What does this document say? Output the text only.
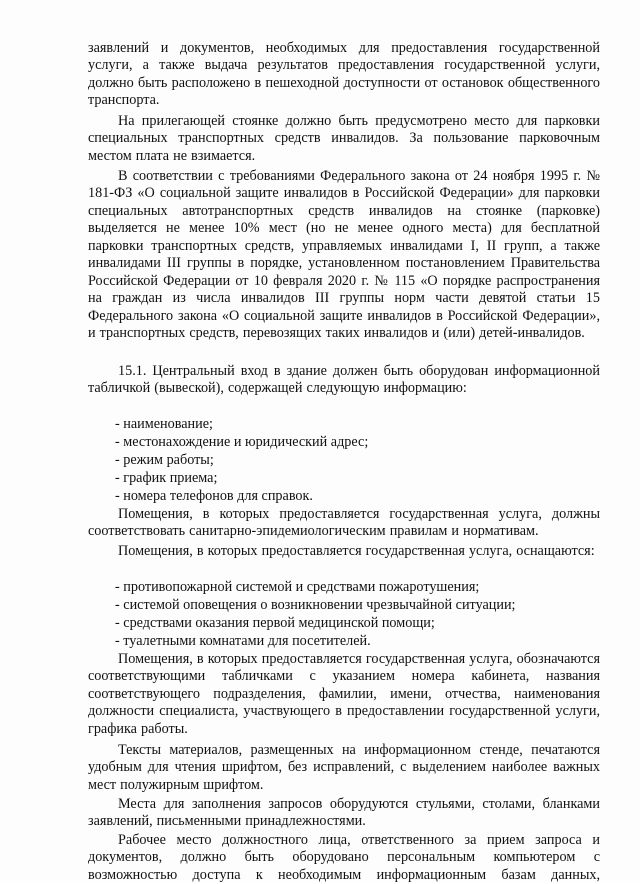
заявлений и документов, необходимых для предоставления государственной услуги, а также выдача результатов предоставления государственной услуги, должно быть расположено в пешеходной доступности от остановок общественного транспорта.

На прилегающей стоянке должно быть предусмотрено место для парковки специальных транспортных средств инвалидов. За пользование парковочным местом плата не взимается.

В соответствии с требованиями Федерального закона от 24 ноября 1995 г. № 181-ФЗ «О социальной защите инвалидов в Российской Федерации» для парковки специальных автотранспортных средств инвалидов на стоянке (парковке) выделяется не менее 10% мест (но не менее одного места) для бесплатной парковки транспортных средств, управляемых инвалидами I, II групп, а также инвалидами III группы в порядке, установленном постановлением Правительства Российской Федерации от 10 февраля 2020 г. № 115 «О порядке распространения на граждан из числа инвалидов III группы норм части девятой статьи 15 Федерального закона «О социальной защите инвалидов в Российской Федерации», и транспортных средств, перевозящих таких инвалидов и (или) детей-инвалидов.

15.1. Центральный вход в здание должен быть оборудован информационной табличкой (вывеской), содержащей следующую информацию:

- наименование;

- местонахождение и юридический адрес;

- режим работы;

- график приема;

- номера телефонов для справок.

Помещения, в которых предоставляется государственная услуга, должны соответствовать санитарно-эпидемиологическим правилам и нормативам.

Помещения, в которых предоставляется государственная услуга, оснащаются:

- противопожарной системой и средствами пожаротушения;

- системой оповещения о возникновении чрезвычайной ситуации;

- средствами оказания первой медицинской помощи;

- туалетными комнатами для посетителей.

Помещения, в которых предоставляется государственная услуга, обозначаются соответствующими табличками с указанием номера кабинета, названия соответствующего подразделения, фамилии, имени, отчества, наименования должности специалиста, участвующего в предоставлении государственной услуги, графика работы.

Тексты материалов, размещенных на информационном стенде, печатаются удобным для чтения шрифтом, без исправлений, с выделением наиболее важных мест полужирным шрифтом.

Места для заполнения запросов оборудуются стульями, столами, бланками заявлений, письменными принадлежностями.

Рабочее место должностного лица, ответственного за прием запроса и документов, должно быть оборудовано персональным компьютером с возможностью доступа к необходимым информационным базам данных,
